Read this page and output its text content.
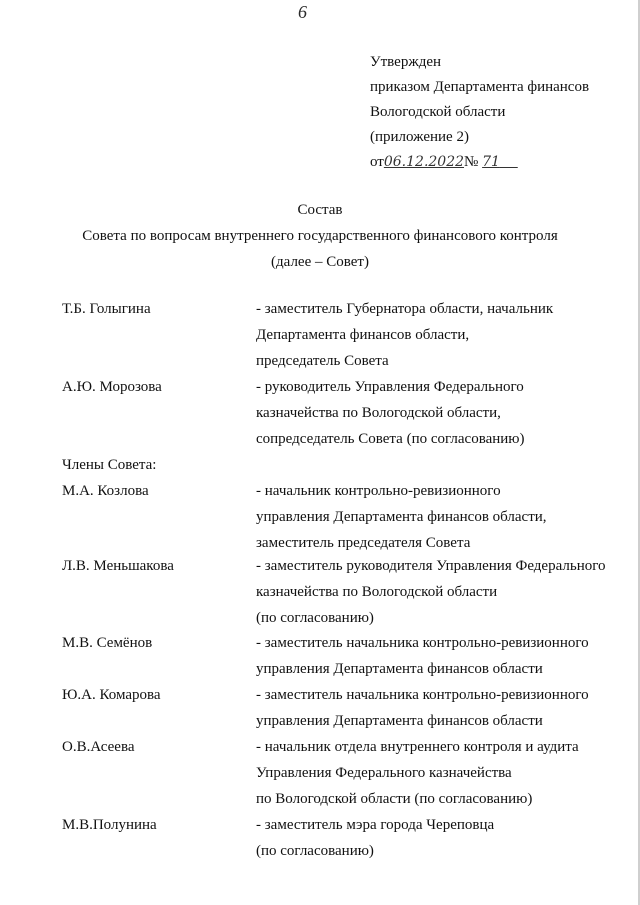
6
Утвержден
приказом Департамента финансов
Вологодской области
(приложение 2)
от06.12.2022№ 71
Состав
Совета по вопросам внутреннего государственного финансового контроля
(далее – Совет)
Т.Б. Голыгина	- заместитель Губернатора области, начальник
Департамента финансов области,
председатель Совета
А.Ю. Морозова	- руководитель Управления Федерального
казначейства по Вологодской области,
сопредседатель Совета (по согласованию)
Члены Совета:
М.А. Козлова	- начальник контрольно-ревизионного
управления Департамента финансов области,
заместитель председателя Совета
Л.В. Меньшакова	- заместитель руководителя Управления Федерального
казначейства по Вологодской области
(по согласованию)
М.В. Семёнов	- заместитель начальника контрольно-ревизионного
управления Департамента финансов области
Ю.А. Комарова	- заместитель начальника контрольно-ревизионного
управления Департамента финансов области
О.В.Асеева	- начальник отдела внутреннего контроля и аудита
Управления Федерального казначейства
по Вологодской области (по согласованию)
М.В.Полунина	- заместитель мэра города Череповца
(по согласованию)
